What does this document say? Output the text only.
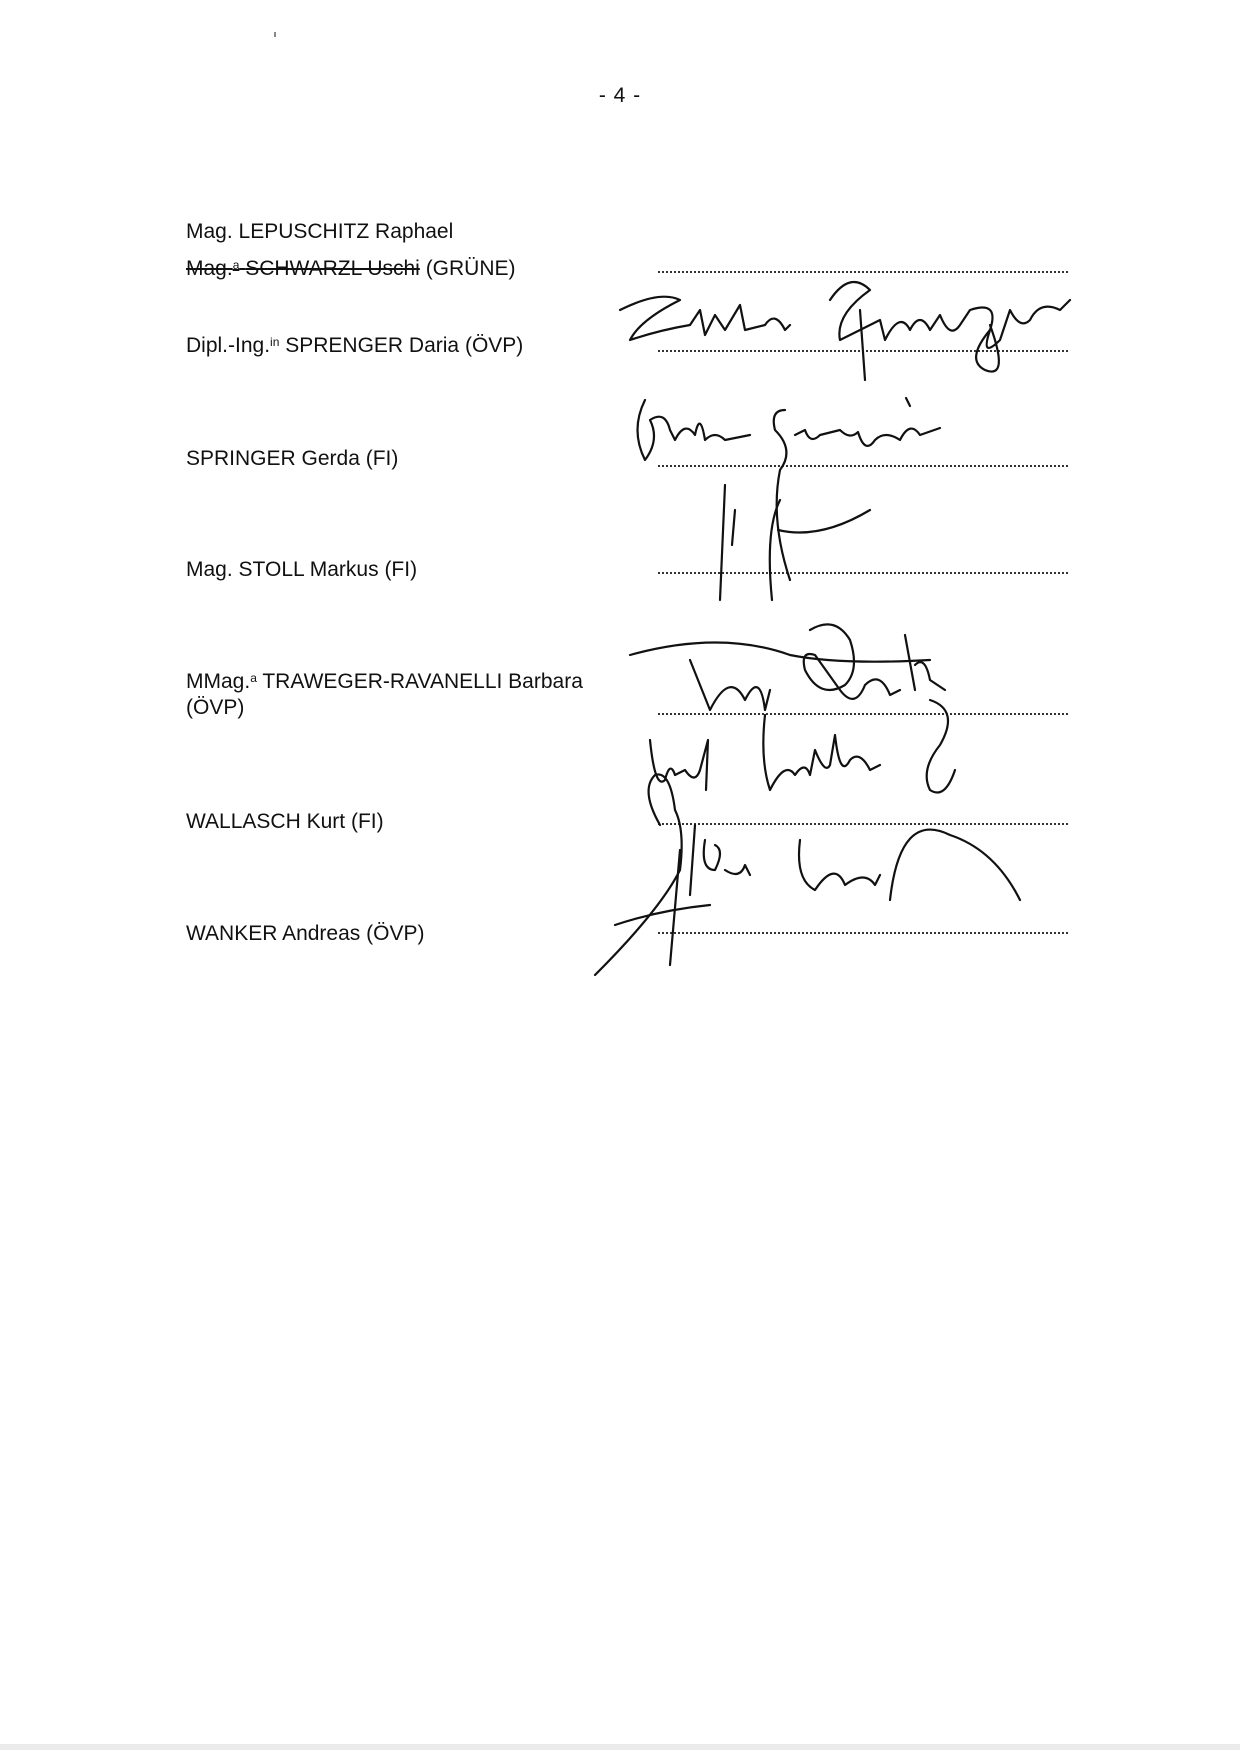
- 4 -
Mag. LEPUSCHITZ Raphael
Mag.$^a$ SCHWARZL Uschi (GRÜNE)
Dipl.-Ing.$^{in}$ SPRENGER Daria (ÖVP)
SPRINGER Gerda (FI)
Mag. STOLL Markus (FI)
MMag.$^a$ TRAWEGER-RAVANELLI Barbara (ÖVP)
WALLASCH Kurt (FI)
WANKER Andreas (ÖVP)
